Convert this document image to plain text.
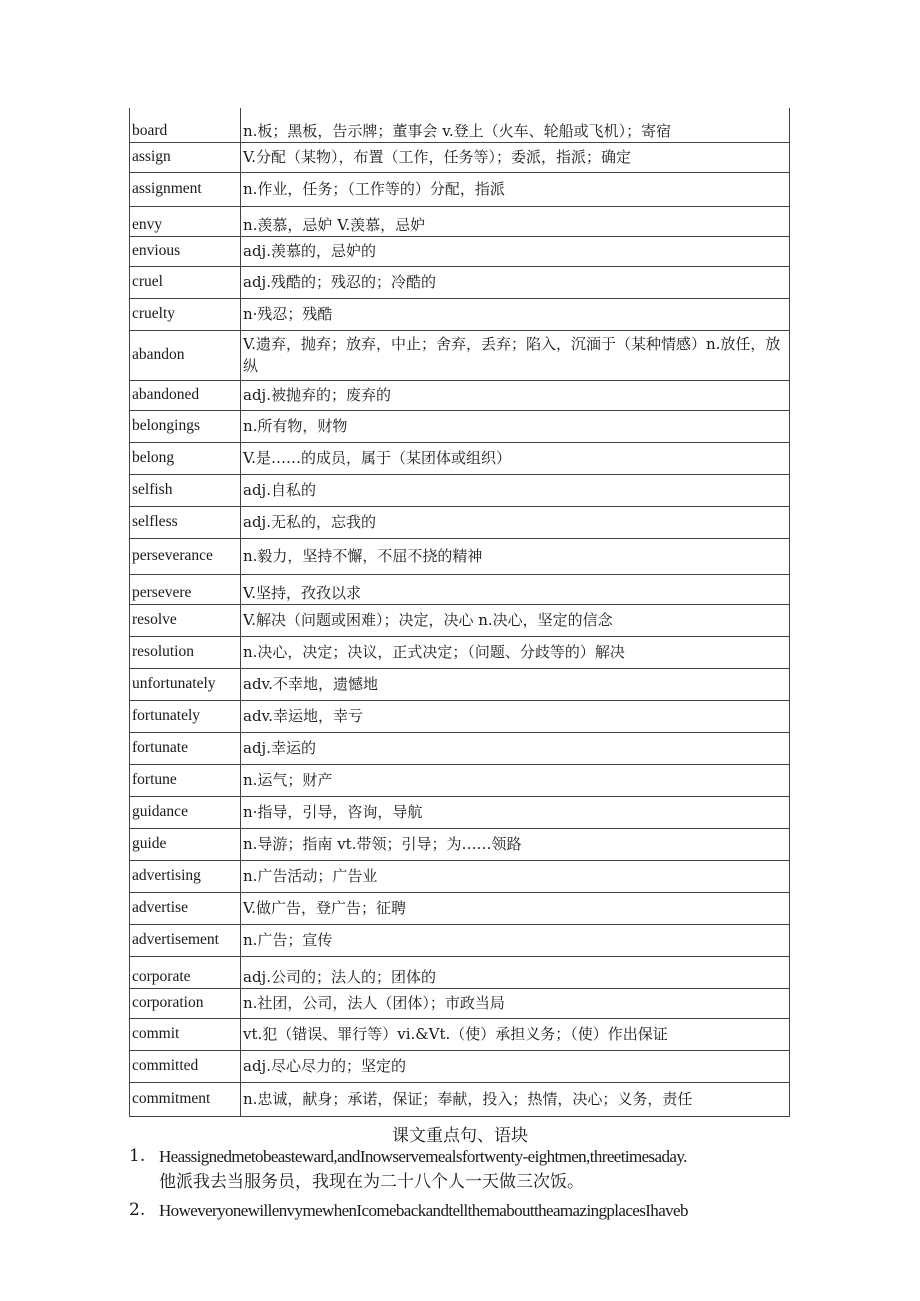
board	n.板；黑板，告示牌；董事会 v.登上（火车、轮船或飞机）；寄宿
assign	V.分配（某物），布置（工作，任务等）；委派，指派；确定
assignment	n.作业，任务；（工作等的）分配，指派
envy	n.羡慕，忌妒 V.羡慕，忌妒
envious	adj.羡慕的，忌妒的
cruel	adj.残酷的；残忍的；冷酷的
cruelty	n·残忍；残酷
abandon	V.遗弃，抛弃；放弃，中止；舍弃，丢弃；陷入，沉湎于（某种情感）n.放任，放纵
abandoned	adj.被抛弃的；废弃的
belongings	n.所有物，财物
belong	V.是……的成员，属于（某团体或组织）
selfish	adj.自私的
selfless	adj.无私的，忘我的
perseverance	n.毅力，坚持不懈，不屈不挠的精神
persevere	V.坚持，孜孜以求
resolve	V.解决（问题或困难）；决定，决心 n.决心，坚定的信念
resolution	n.决心，决定；决议，正式决定；（问题、分歧等的）解决
unfortunately	adv.不幸地，遗憾地
fortunately	adv.幸运地，幸亏
fortunate	adj.幸运的
fortune	n.运气；财产
guidance	n·指导，引导，咨询，导航
guide	n.导游；指南 vt.带领；引导；为……领路
advertising	n.广告活动；广告业
advertise	V.做广告，登广告；征聘
advertisement	n.广告；宣传
corporate	adj.公司的；法人的；团体的
corporation	n.社团，公司，法人（团体）；市政当局
commit	vt.犯（错误、罪行等）vi.&Vt.（使）承担义务；（使）作出保证
committed	adj.尽心尽力的；坚定的
commitment	n.忠诚，献身；承诺，保证；奉献，投入；热情，决心；义务，责任
课文重点句、语块
1. Heassignedmetobeasteward,andInowservemealsfortwenty-eightmen,threetimesaday.
他派我去当服务员，我现在为二十八个人一天做三次饭。
2. HoweveryonewillenvymewhenIcomebackandtellthemabouttheamazingplacesIhaveb
